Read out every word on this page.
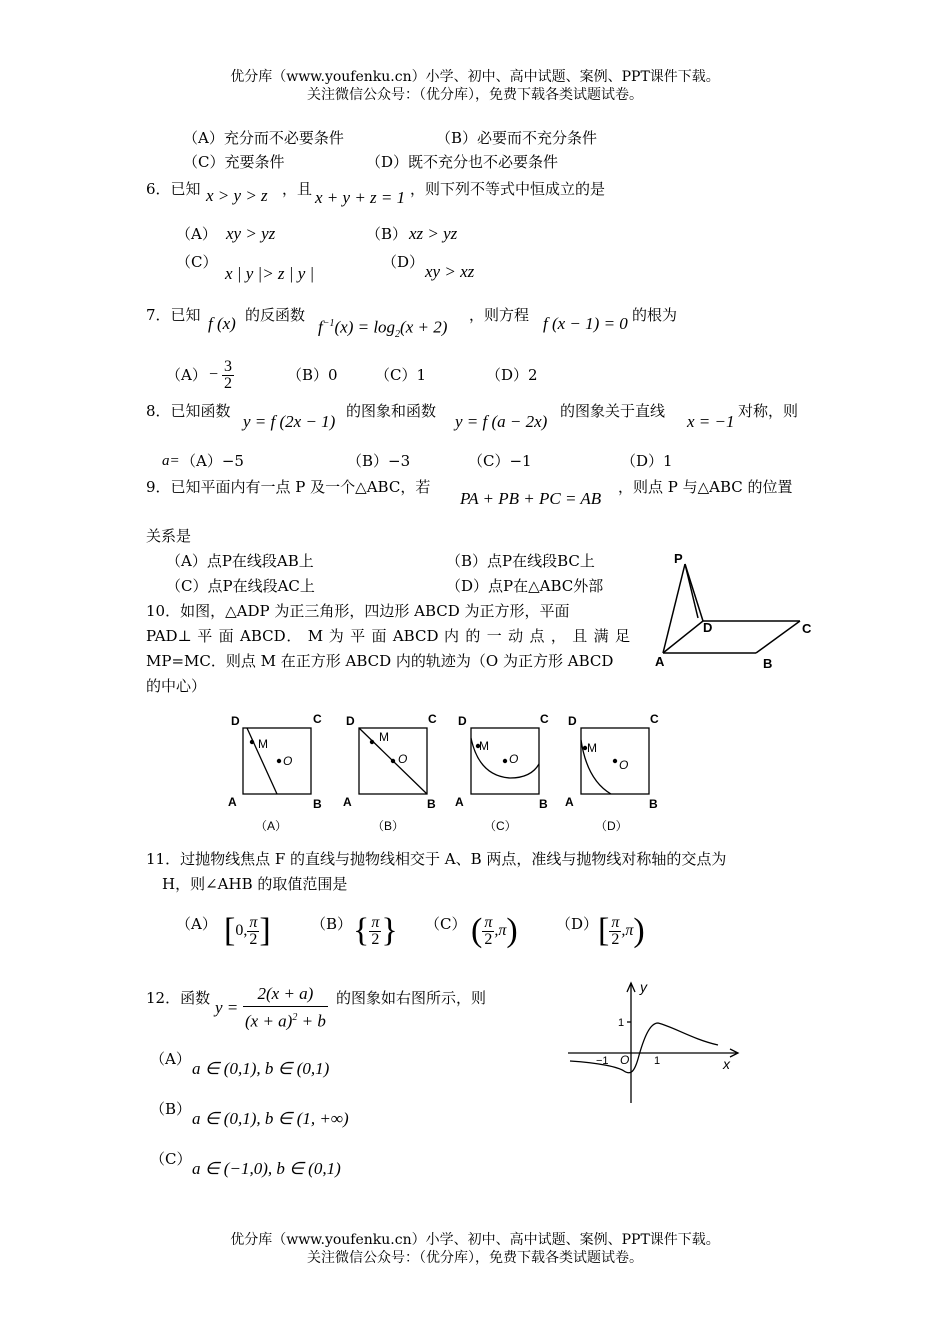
优分库（www.youfenku.cn）小学、初中、高中试题、案例、PPT课件下载。
关注微信公众号：（优分库），免费下载各类试题试卷。
（A）充分而不必要条件	（B）必要而不充分条件
（C）充要条件	（D）既不充分也不必要条件
6．已知 x > y > z ，且 x + y + z = 1 ，则下列不等式中恒成立的是
（A） xy > yz	（B） xz > yz
（C）
x | y |> z | y |
（D） xy > xz
7．已知 f (x) 的反函数
$f^{-1}(x) = \log_2(x + 2)$
，则方程 f (x − 1) = 0 的根为
$(A) - \frac{3}{2}$	（B）0 （C）1	（D）2
8．已知函数
y = f (2x − 1)
的图象和函数
y = f (a − 2x)
的图象关于直线
x = −1
对称，则
a= （A）−5	（B）−3	（C）−1	（D）1
9．已知平面内有一点 P 及一个△ABC，若
PA + PB + PC = AB
，则点 P 与△ABC 的位置
关系是
（A）点P在线段AB上	（B）点P在线段BC上
（C）点P在线段AC上	（D）点P在△ABC外部
P
D	C
A	B
10．如图，△ADP 为正三角形，四边形 ABCD 为正方形，平面
PAD⊥ 平 面 ABCD． M 为 平 面 ABCD 内 的 一 动 点 ， 且 满 足
MP=MC．则点 M 在正方形 ABCD 内的轨迹为（O 为正方形 ABCD
的中心）
D	C
A	B
M
O
（A）
D	C
A	B
M
O
（B）
D	C
A	B
M
O
（C）
D	C
A	B
M
O
（D）
11．过抛物线焦点 F 的直线与抛物线相交于 A、B 两点，准线与抛物线对称轴的交点为
H，则∠AHB 的取值范围是
（A） [0, $\frac{\pi}{2}$ ]	（B） { $\frac{\pi}{2}$ } （C） ( $\frac{\pi}{2} ,\pi$)	（D） [ $\frac{\pi}{2} ,\pi$)
12．函数 $y = \frac{2(x + a)}{(x + a)^2 + b}$ 的图象如右图所示，则
（A） a ∈ (0,1), b ∈ (0,1)
（B） a ∈ (0,1), b ∈ (1, +∞)
（C） a ∈ (−1,0), b ∈ (0,1)
y
x
1
−1 O 1
优分库（www.youfenku.cn）小学、初中、高中试题、案例、PPT课件下载。
关注微信公众号：（优分库），免费下载各类试题试卷。
